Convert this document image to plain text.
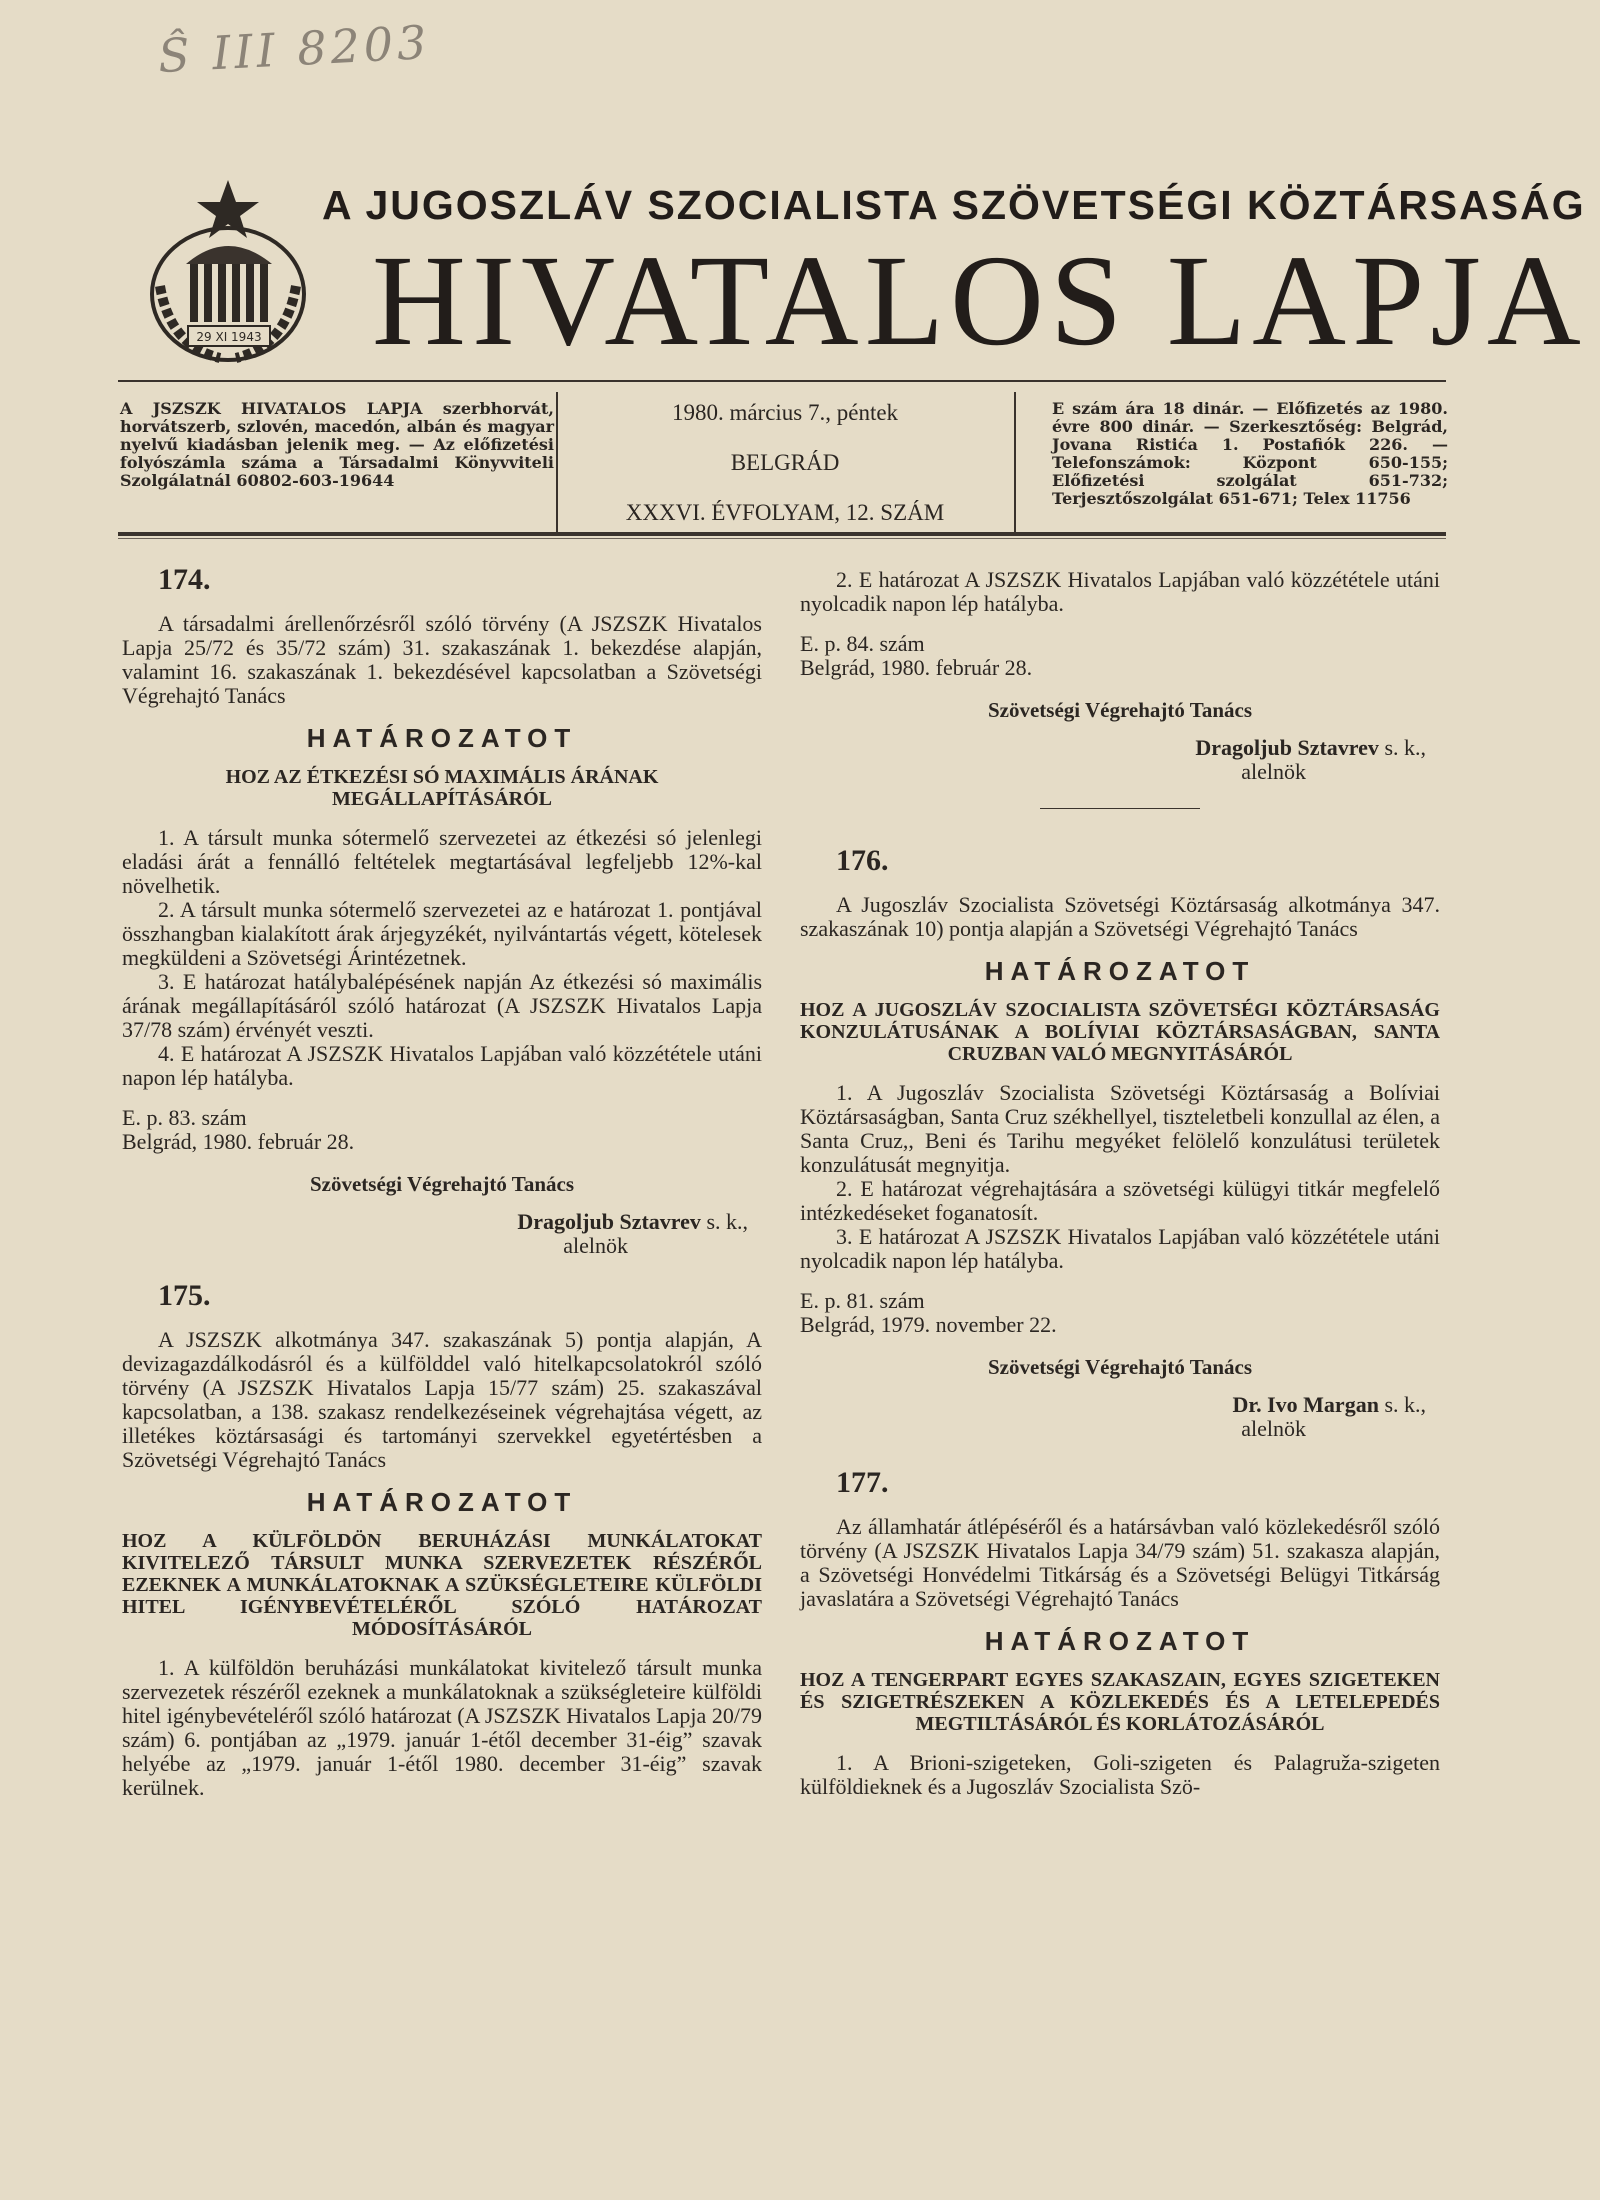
Ŝ III 8203
29 XI 1943
A JUGOSZLÁV SZOCIALISTA SZÖVETSÉGI KÖZTÁRSASÁG
HIVATALOS LAPJA
A JSZSZK HIVATALOS LAPJA szerbhorvát, horvátszerb, szlovén, macedón, albán és magyar nyelvű kiadásban jelenik meg. — Az előfizetési folyószámla száma a Társadalmi Könyvviteli Szolgálatnál 60802-603-19644
1980. március 7., péntek
BELGRÁD
XXXVI. ÉVFOLYAM, 12. SZÁM
E szám ára 18 dinár. — Előfizetés az 1980. évre 800 dinár. — Szerkesztőség: Belgrád, Jovana Ristića 1. Postafiók 226. — Telefonszámok: Központ 650-155; Előfizetési szolgálat 651-732; Terjesztőszolgálat 651-671; Telex 11756
174.

A társadalmi árellenőrzésről szóló törvény (A JSZSZK Hivatalos Lapja 25/72 és 35/72 szám) 31. szakaszának 1. bekezdése alapján, valamint 16. szakaszának 1. bekezdésével kapcsolatban a Szövetségi Végrehajtó Tanács

HATÁROZATOT
HOZ AZ ÉTKEZÉSI SÓ MAXIMÁLIS ÁRÁNAK MEGÁLLAPÍTÁSÁRÓL

1. A társult munka sótermelő szervezetei az étkezési só jelenlegi eladási árát a fennálló feltételek megtartásával legfeljebb 12%-kal növelhetik.

2. A társult munka sótermelő szervezetei az e határozat 1. pontjával összhangban kialakított árak árjegyzékét, nyilvántartás végett, kötelesek megküldeni a Szövetségi Árintézetnek.

3. E határozat hatálybalépésének napján Az étkezési só maximális árának megállapításáról szóló határozat (A JSZSZK Hivatalos Lapja 37/78 szám) érvényét veszti.

4. E határozat A JSZSZK Hivatalos Lapjában való közzététele utáni napon lép hatályba.

E. p. 83. szám

Belgrád, 1980. február 28.

Szövetségi Végrehajtó Tanács
Dragoljub Sztavrev s. k.,
alelnök
175.

A JSZSZK alkotmánya 347. szakaszának 5) pontja alapján, A devizagazdálkodásról és a külfölddel való hitelkapcsolatokról szóló törvény (A JSZSZK Hivatalos Lapja 15/77 szám) 25. szakaszával kapcsolatban, a 138. szakasz rendelkezéseinek végrehajtása végett, az illetékes köztársasági és tartományi szervekkel egyetértésben a Szövetségi Végrehajtó Tanács

HATÁROZATOT
HOZ A KÜLFÖLDÖN BERUHÁZÁSI MUNKÁLATOKAT KIVITELEZŐ TÁRSULT MUNKA SZERVEZETEK RÉSZÉRŐL EZEKNEK A MUNKÁLATOKNAK A SZÜKSÉGLETEIRE KÜLFÖLDI HITEL IGÉNYBEVÉTELÉRŐL SZÓLÓ HATÁROZAT MÓDOSÍTÁSÁRÓL

1. A külföldön beruházási munkálatokat kivitelező társult munka szervezetek részéről ezeknek a munkálatoknak a szükségleteire külföldi hitel igénybevételéről szóló határozat (A JSZSZK Hivatalos Lapja 20/79 szám) 6. pontjában az „1979. január 1-étől december 31-éig” szavak helyébe az „1979. január 1-étől 1980. december 31-éig” szavak kerülnek.

2. E határozat A JSZSZK Hivatalos Lapjában való közzététele utáni nyolcadik napon lép hatályba.

E. p. 84. szám

Belgrád, 1980. február 28.

Szövetségi Végrehajtó Tanács
Dragoljub Sztavrev s. k.,
alelnök
176.

A Jugoszláv Szocialista Szövetségi Köztársaság alkotmánya 347. szakaszának 10) pontja alapján a Szövetségi Végrehajtó Tanács

HATÁROZATOT
HOZ A JUGOSZLÁV SZOCIALISTA SZÖVETSÉGI KÖZTÁRSASÁG KONZULÁTUSÁNAK A BOLÍVIAI KÖZTÁRSASÁGBAN, SANTA CRUZBAN VALÓ MEGNYITÁSÁRÓL

1. A Jugoszláv Szocialista Szövetségi Köztársaság a Bolíviai Köztársaságban, Santa Cruz székhellyel, tiszteletbeli konzullal az élen, a Santa Cruz,, Beni és Tarihu megyéket felölelő konzulátusi területek konzulátusát megnyitja.

2. E határozat végrehajtására a szövetségi külügyi titkár megfelelő intézkedéseket foganatosít.

3. E határozat A JSZSZK Hivatalos Lapjában való közzététele utáni nyolcadik napon lép hatályba.

E. p. 81. szám

Belgrád, 1979. november 22.

Szövetségi Végrehajtó Tanács
Dr. Ivo Margan s. k.,
alelnök
177.

Az államhatár átlépéséről és a határsávban való közlekedésről szóló törvény (A JSZSZK Hivatalos Lapja 34/79 szám) 51. szakasza alapján, a Szövetségi Honvédelmi Titkárság és a Szövetségi Belügyi Titkárság javaslatára a Szövetségi Végrehajtó Tanács

HATÁROZATOT
HOZ A TENGERPART EGYES SZAKASZAIN, EGYES SZIGETEKEN ÉS SZIGETRÉSZEKEN A KÖZLEKEDÉS ÉS A LETELEPEDÉS MEGTILTÁSÁRÓL ÉS KORLÁTOZÁSÁRÓL

1. A Brioni-szigeteken, Goli-szigeten és Palagruža-szigeten külföldieknek és a Jugoszláv Szocialista Szö-
